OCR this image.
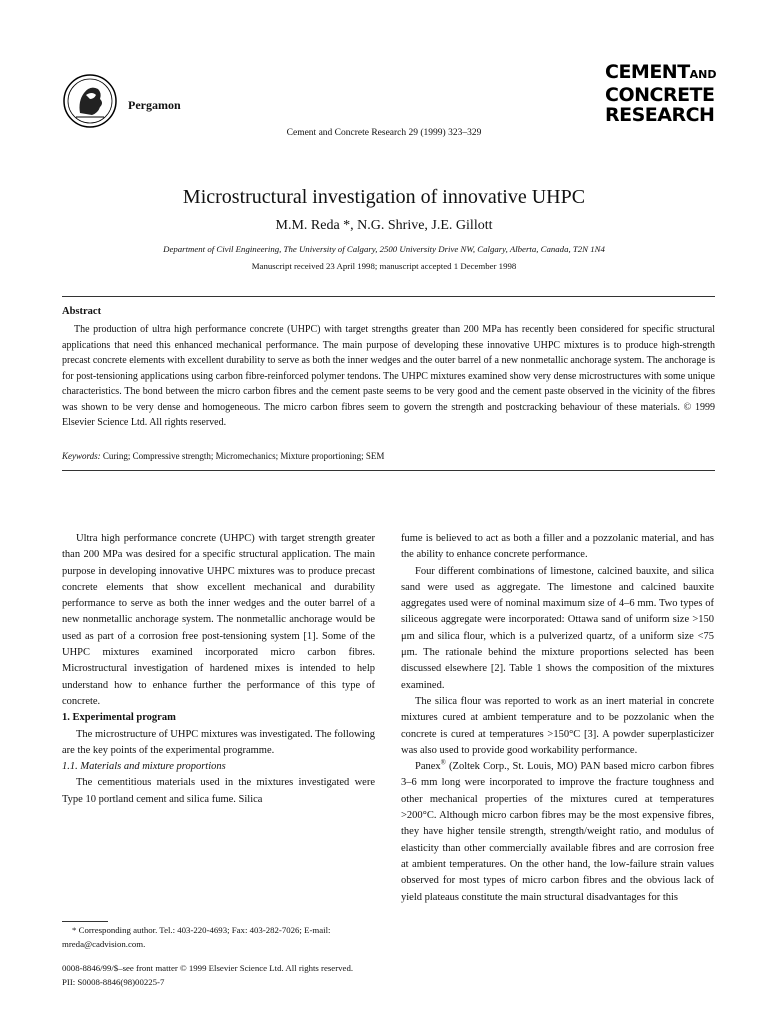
Pergamon
CEMENTAND
CONCRETE
RESEARCH
Cement and Concrete Research 29 (1999) 323–329
Microstructural investigation of innovative UHPC
M.M. Reda *, N.G. Shrive, J.E. Gillott
Department of Civil Engineering, The University of Calgary, 2500 University Drive NW, Calgary, Alberta, Canada, T2N 1N4
Manuscript received 23 April 1998; manuscript accepted 1 December 1998
Abstract
The production of ultra high performance concrete (UHPC) with target strengths greater than 200 MPa has recently been considered for specific structural applications that need this enhanced mechanical performance. The main purpose of developing these innovative UHPC mixtures is to produce high-strength precast concrete elements with excellent durability to serve as both the inner wedges and the outer barrel of a new nonmetallic anchorage system. The anchorage is for post-tensioning applications using carbon fibre-reinforced polymer tendons. The UHPC mixtures examined show very dense microstructures with some unique characteristics. The bond between the micro carbon fibres and the cement paste seems to be very good and the cement paste observed in the vicinity of the fibres was shown to be very dense and homogeneous. The micro carbon fibres seem to govern the strength and postcracking behaviour of these materials. © 1999 Elsevier Science Ltd. All rights reserved.
Keywords: Curing; Compressive strength; Micromechanics; Mixture proportioning; SEM

Ultra high performance concrete (UHPC) with target strength greater than 200 MPa was desired for a specific structural application. The main purpose in developing innovative UHPC mixtures was to produce precast concrete elements that show excellent mechanical and durability performance to serve as both the inner wedges and the outer barrel of a new nonmetallic anchorage system. The nonmetallic anchorage would be used as part of a corrosion free post-tensioning system [1]. Some of the UHPC mixtures examined incorporated micro carbon fibres. Microstructural investigation of hardened mixes is intended to help understand how to enhance further the performance of this type of concrete.

1. Experimental program

The microstructure of UHPC mixtures was investigated. The following are the key points of the experimental programme.

1.1. Materials and mixture proportions

The cementitious materials used in the mixtures investigated were Type 10 portland cement and silica fume. Silica

fume is believed to act as both a filler and a pozzolanic material, and has the ability to enhance concrete performance.

Four different combinations of limestone, calcined bauxite, and silica sand were used as aggregate. The limestone and calcined bauxite aggregates used were of nominal maximum size of 4–6 mm. Two types of siliceous aggregate were incorporated: Ottawa sand of uniform size >150 μm and silica flour, which is a pulverized quartz, of a uniform size <75 μm. The rationale behind the mixture proportions selected has been discussed elsewhere [2]. Table 1 shows the composition of the mixtures examined.

The silica flour was reported to work as an inert material in concrete mixtures cured at ambient temperature and to be pozzolanic when the concrete is cured at temperatures >150°C [3]. A powder superplasticizer was also used to provide good workability performance.

Panex® (Zoltek Corp., St. Louis, MO) PAN based micro carbon fibres 3–6 mm long were incorporated to improve the fracture toughness and other mechanical properties of the mixtures cured at temperatures >200°C. Although micro carbon fibres may be the most expensive fibres, they have higher tensile strength, strength/weight ratio, and modulus of elasticity than other commercially available fibres and are corrosion free at ambient temperatures. On the other hand, the low-failure strain values observed for most types of micro carbon fibres and the obvious lack of yield plateaus constitute the main structural disadvantages for this

* Corresponding author. Tel.: 403-220-4693; Fax: 403-282-7026; E-mail: mreda@cadvision.com.
0008-8846/99/$–see front matter © 1999 Elsevier Science Ltd. All rights reserved.
PII: S0008-8846(98)00225-7
